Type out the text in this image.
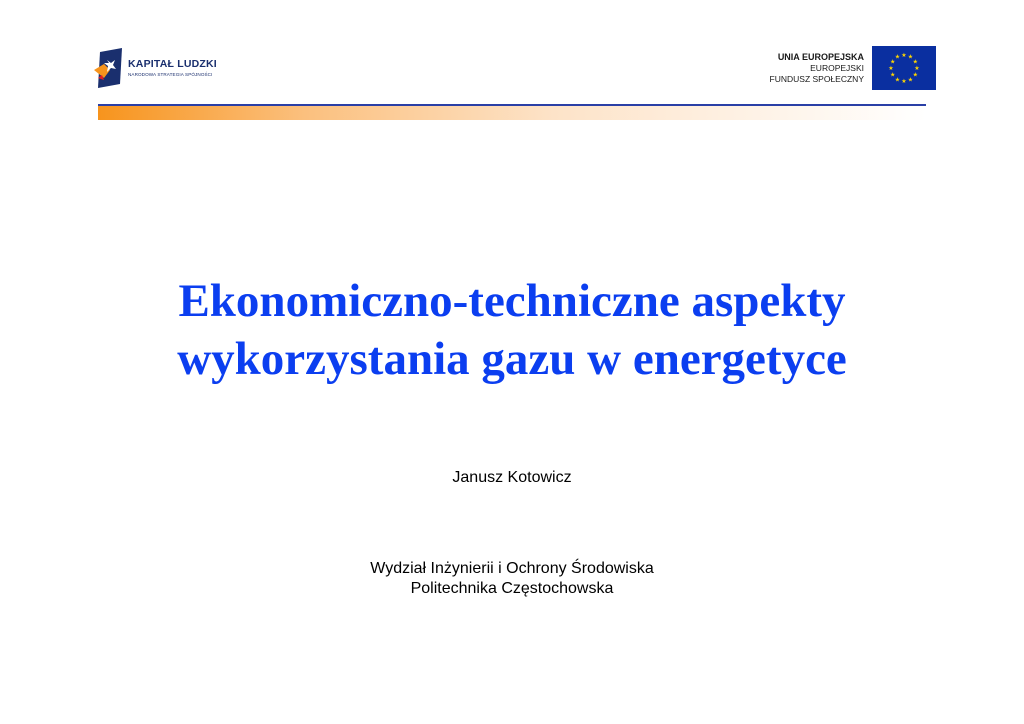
KAPITAŁ LUDZKI
NARODOWA STRATEGIA SPÓJNOŚCI
UNIA EUROPEJSKA
EUROPEJSKI
FUNDUSZ SPOŁECZNY
★ ★
★
★
★
★
★
★
★
★
★
★
Ekonomiczno-techniczne aspekty
wykorzystania gazu w energetyce
Janusz Kotowicz
Wydział Inżynierii i Ochrony Środowiska
Politechnika Częstochowska
